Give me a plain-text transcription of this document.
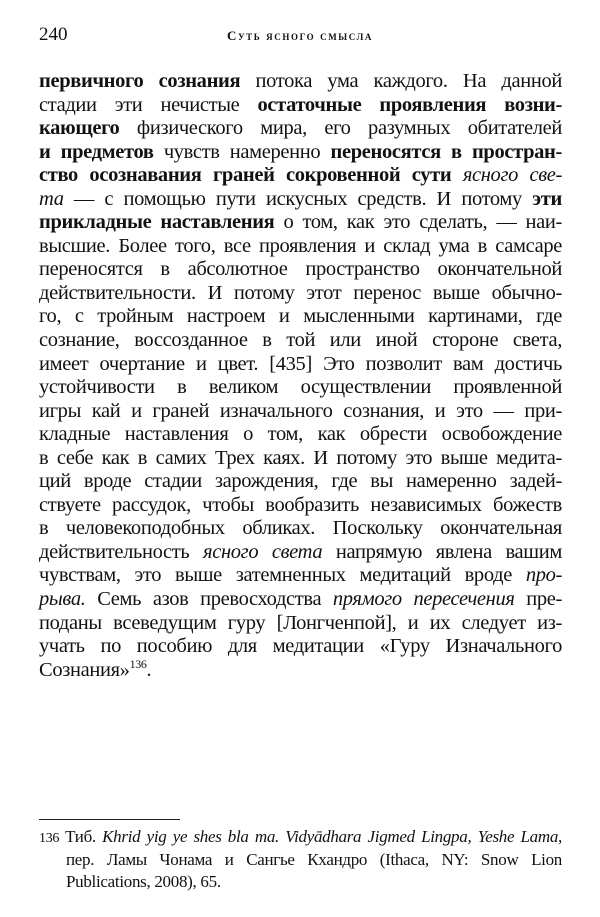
240	Суть ясного смысла
первичного сознания потока ума каждого. На данной
стадии эти нечистые остаточные проявления возни-
кающего физического мира, его разумных обитателей
и предметов чувств намеренно переносятся в простран-
ство осознавания граней сокровенной сути ясного све-
та — с помощью пути искусных средств. И потому эти
прикладные наставления о том, как это сделать, — наи-
высшие. Более того, все проявления и склад ума в самсаре
переносятся в абсолютное пространство окончательной
действительности. И потому этот перенос выше обычно-
го, с тройным настроем и мысленными картинами, где
сознание, воссозданное в той или иной стороне света,
имеет очертание и цвет. [435] Это позволит вам достичь
устойчивости в великом осуществлении проявленной
игры кай и граней изначального сознания, и это — при-
кладные наставления о том, как обрести освобождение
в себе как в самих Трех каях. И потому это выше медита-
ций вроде стадии зарождения, где вы намеренно задей-
ствуете рассудок, чтобы вообразить независимых божеств
в человекоподобных обликах. Поскольку окончательная
действительность ясного света напрямую явлена вашим
чувствам, это выше затемненных медитаций вроде про-
рыва. Семь азов превосходства прямого пересечения пре-
поданы всеведущим гуру [Лонгченпой], и их следует из-
учать по пособию для медитации «Гуру Изначального
Сознания»$^{136}$.
136 Тиб. Khrid yig ye shes bla ma. Vidyādhara Jigmed Lingpa, Yeshe Lama,
пер. Ламы Чонама и Сангье Кхандро (Ithaca, NY: Snow Lion
Publications, 2008), 65.
